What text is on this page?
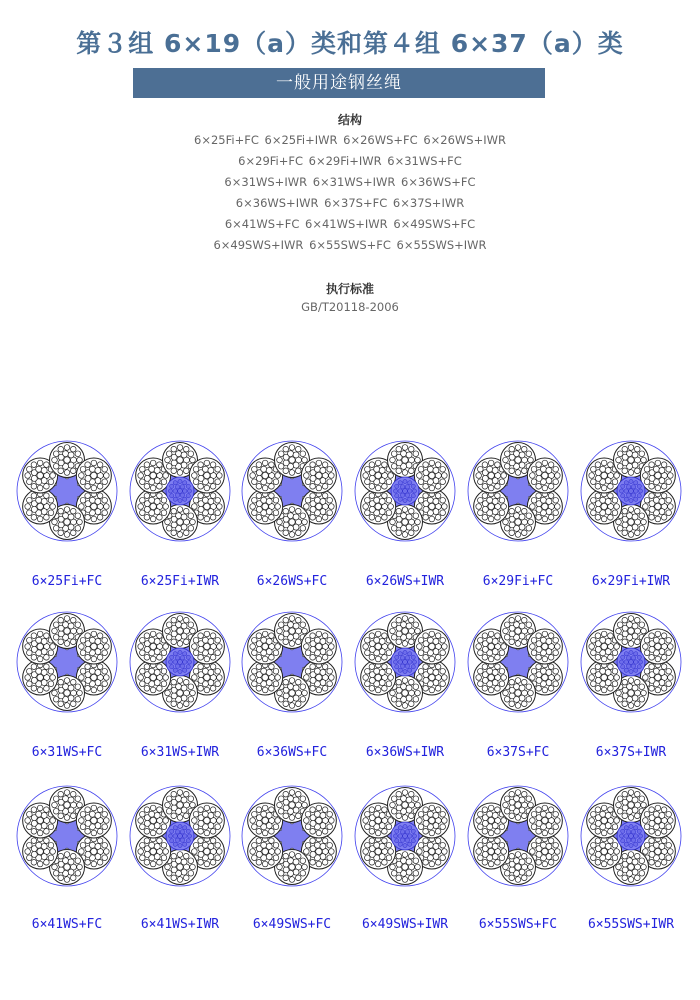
第３组 6×19（a）类和第４组 6×37（a）类
一般用途钢丝绳
结构
6×25Fi+FC 6×25Fi+IWR 6×26WS+FC 6×26WS+IWR
6×29Fi+FC 6×29Fi+IWR 6×31WS+FC
6×31WS+IWR 6×31WS+IWR 6×36WS+FC
6×36WS+IWR 6×37S+FC 6×37S+IWR
6×41WS+FC 6×41WS+IWR 6×49SWS+FC
6×49SWS+IWR 6×55SWS+FC 6×55SWS+IWR
执行标准
GB/T20118-2006
6×25Fi+FC	6×25Fi+IWR	6×26WS+FC	6×26WS+IWR	6×29Fi+FC	6×29Fi+IWR
6×31WS+FC	6×31WS+IWR	6×36WS+FC	6×36WS+IWR	6×37S+FC	6×37S+IWR
6×41WS+FC	6×41WS+IWR	6×49SWS+FC	6×49SWS+IWR	6×55SWS+FC	6×55SWS+IWR
